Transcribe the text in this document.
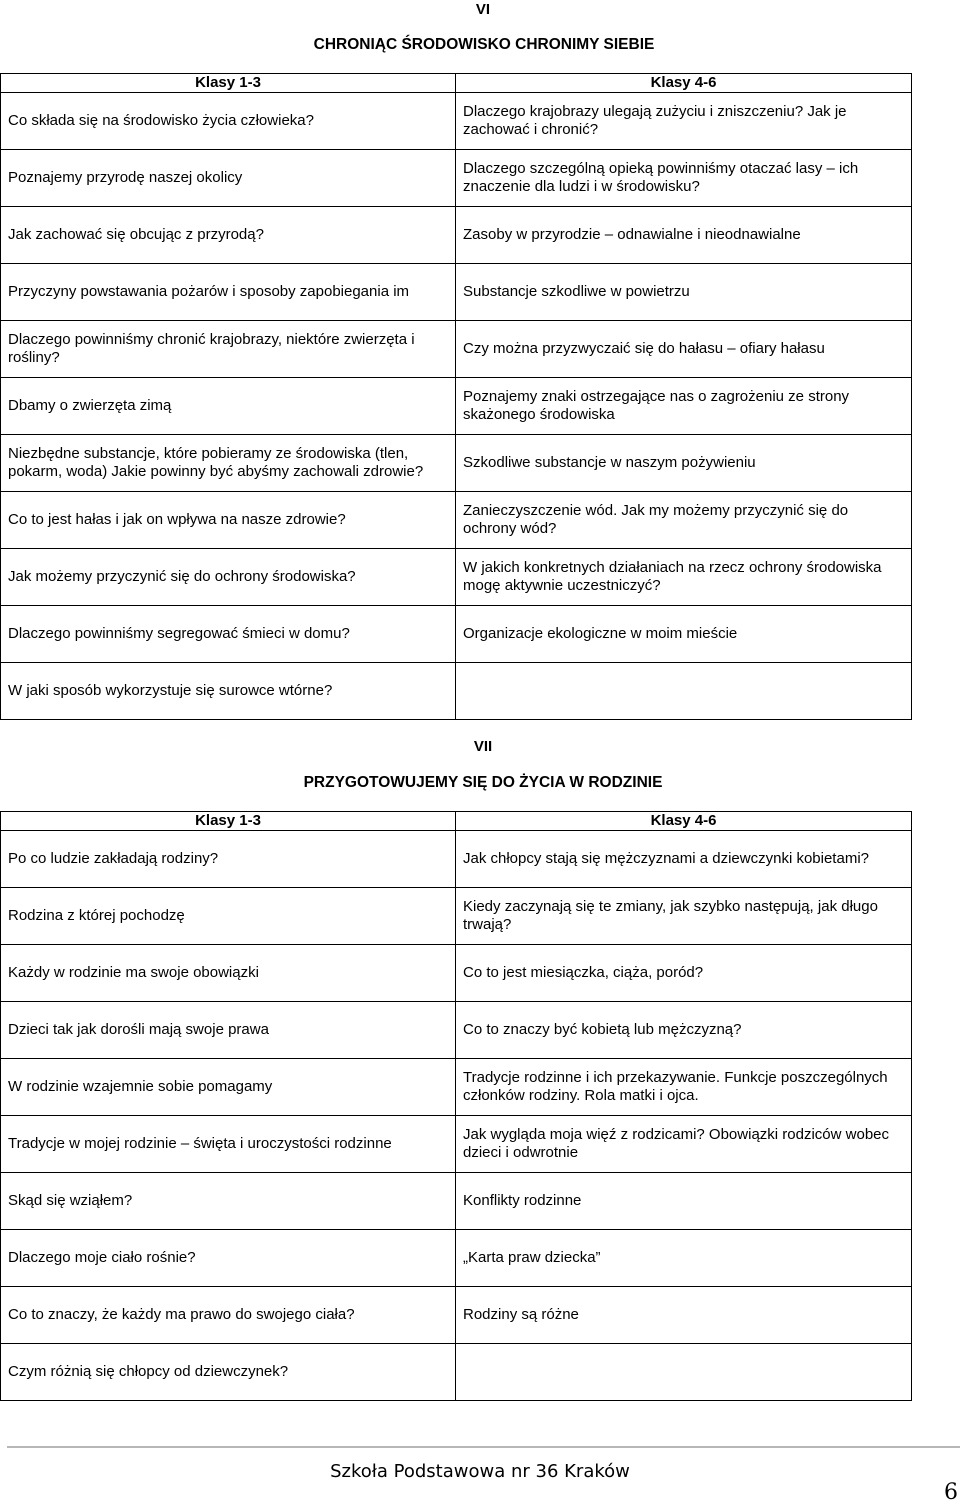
VI
CHRONIĄC ŚRODOWISKO CHRONIMY SIEBIE
Klasy 1-3	Klasy 4-6
Co składa się na środowisko życia człowieka?	Dlaczego krajobrazy ulegają zużyciu i zniszczeniu? Jak je zachować i chronić?
Poznajemy przyrodę naszej okolicy	Dlaczego szczególną opieką powinniśmy otaczać lasy – ich znaczenie dla ludzi i w środowisku?
Jak zachować się obcując z przyrodą?	Zasoby w przyrodzie – odnawialne i nieodnawialne
Przyczyny powstawania pożarów i sposoby zapobiegania im	Substancje szkodliwe w powietrzu
Dlaczego powinniśmy chronić krajobrazy, niektóre zwierzęta i rośliny?	Czy można przyzwyczaić się do hałasu – ofiary hałasu
Dbamy o zwierzęta zimą	Poznajemy znaki ostrzegające nas o zagrożeniu ze strony skażonego środowiska
Niezbędne substancje, które pobieramy ze środowiska (tlen, pokarm, woda) Jakie powinny być abyśmy zachowali zdrowie?	Szkodliwe substancje w naszym pożywieniu
Co to jest hałas i jak on wpływa na nasze zdrowie?	Zanieczyszczenie wód. Jak my możemy przyczynić się do ochrony wód?
Jak możemy przyczynić się do ochrony środowiska?	W jakich konkretnych działaniach na rzecz ochrony środowiska mogę aktywnie uczestniczyć?
Dlaczego powinniśmy segregować śmieci w domu?	Organizacje ekologiczne w moim mieście
W jaki sposób wykorzystuje się surowce wtórne?	
VII
PRZYGOTOWUJEMY SIĘ DO ŻYCIA W RODZINIE
Klasy 1-3	Klasy 4-6
Po co ludzie zakładają rodziny?	Jak chłopcy stają się mężczyznami a dziewczynki kobietami?
Rodzina z której pochodzę	Kiedy zaczynają się te zmiany, jak szybko następują, jak długo trwają?
Każdy w rodzinie ma swoje obowiązki	Co to jest miesiączka, ciąża, poród?
Dzieci tak jak dorośli mają swoje prawa	Co to znaczy być kobietą lub mężczyzną?
W rodzinie wzajemnie sobie pomagamy	Tradycje rodzinne i ich przekazywanie. Funkcje poszczególnych członków rodziny. Rola matki i ojca.
Tradycje w mojej rodzinie – święta i uroczystości rodzinne	Jak wygląda moja więź z rodzicami? Obowiązki rodziców wobec dzieci i odwrotnie
Skąd się wziąłem?	Konflikty rodzinne
Dlaczego moje ciało rośnie?	„Karta praw dziecka”
Co to znaczy, że każdy ma prawo do swojego ciała?	Rodziny są różne
Czym różnią się chłopcy od dziewczynek?	
Szkoła Podstawowa nr 36 Kraków
6
